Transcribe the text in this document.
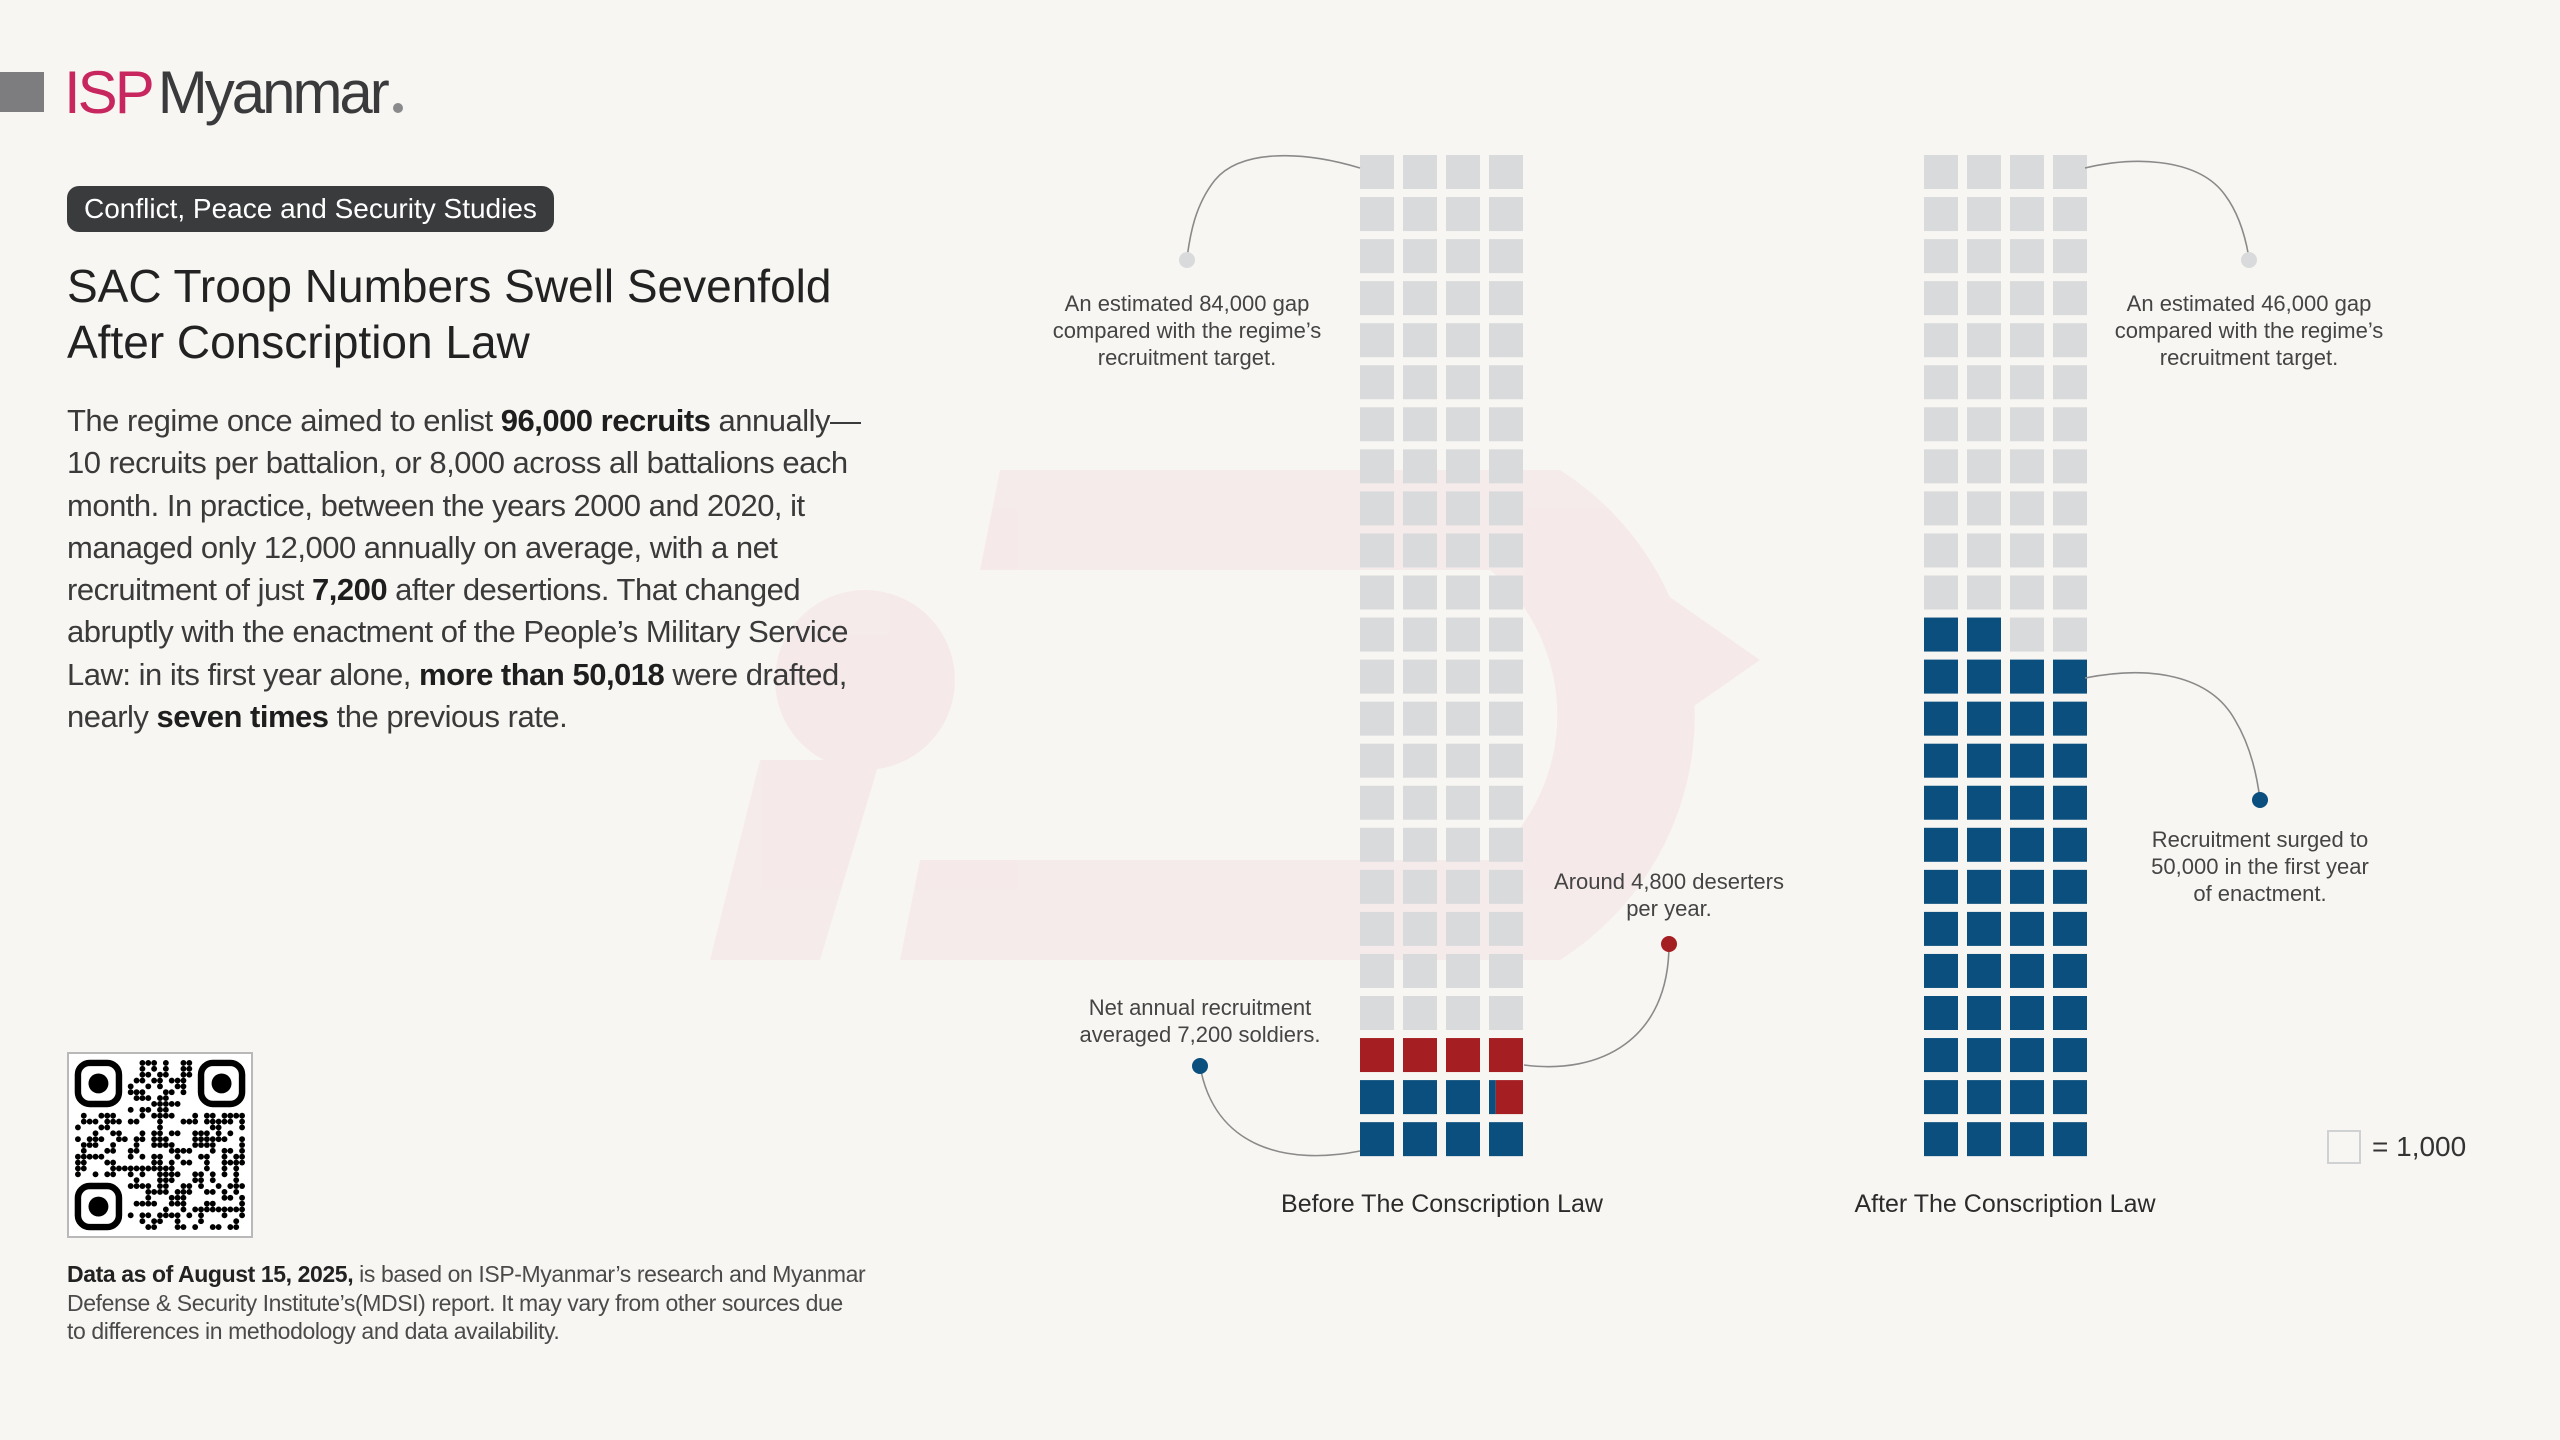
ISP Myanmar
Conflict, Peace and Security Studies
SAC Troop Numbers Swell Sevenfold After Conscription Law
The regime once aimed to enlist 96,000 recruits annually—10 recruits per battalion, or 8,000 across all battalions each month. In practice, between the years 2000 and 2020, it managed only 12,000 annually on average, with a net recruitment of just 7,200 after desertions. That changed abruptly with the enactment of the People’s Military Service Law: in its first year alone, more than 50,018 were drafted, nearly seven times the previous rate.
Data as of August 15, 2025, is based on ISP-Myanmar’s research and Myanmar Defense & Security Institute’s(MDSI) report. It may vary from other sources due to differences in methodology and data availability.
An estimated 84,000 gap
compared with the regime’s
recruitment target.
Around 4,800 deserters
per year.
Net annual recruitment
averaged 7,200 soldiers.
An estimated 46,000 gap
compared with the regime’s
recruitment target.
Recruitment surged to
50,000 in the first year
of enactment.
Before The Conscription Law	After The Conscription Law
= 1,000
